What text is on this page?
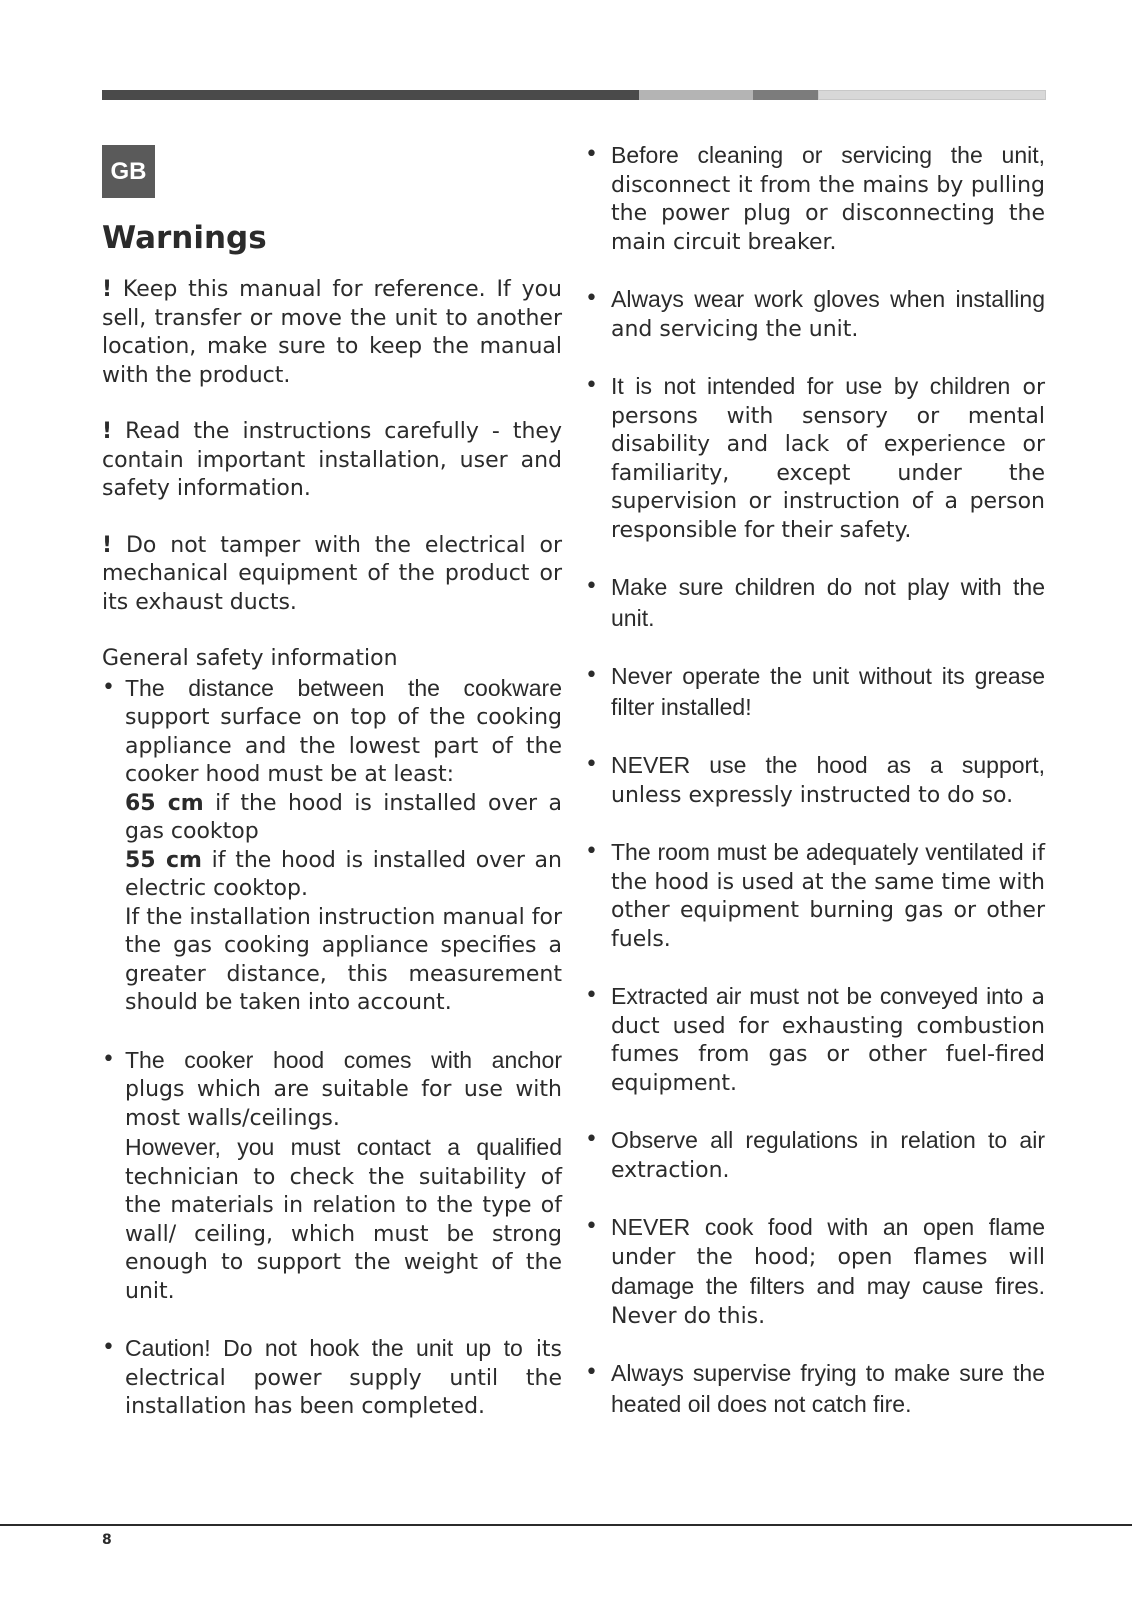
GB
Warnings

! Keep this manual for reference. If you sell, transfer or move the unit to another location, make sure to keep the manual with the product.

! Read the instructions carefully - they contain important installation, user and safety information.

! Do not tamper with the electrical or mechanical equipment of the product or its exhaust ducts.

General safety information

• The distance between the cookware support surface on top of the cooking appliance and the lowest part of the cooker hood must be at least:
65 cm if the hood is installed over a gas cooktop
55 cm if the hood is installed over an electric cooktop.
If the installation instruction manual for the gas cooking appliance specifies a greater distance, this measurement should be taken into account.
• The cooker hood comes with anchor plugs which are suitable for use with most walls/ceilings.
However, you must contact a qualified technician to check the suitability of the materials in relation to the type of wall/ ceiling, which must be strong enough to support the weight of the unit.
• Caution! Do not hook the unit up to its electrical power supply until the installation has been completed.
• Before cleaning or servicing the unit, disconnect it from the mains by pulling the power plug or disconnecting the main circuit breaker.
• Always wear work gloves when installing and servicing the unit.
• It is not intended for use by children or persons with sensory or mental disability and lack of experience or familiarity, except under the supervision or instruction of a person responsible for their safety.
• Make sure children do not play with the unit.
• Never operate the unit without its grease filter installed!
• NEVER use the hood as a support, unless expressly instructed to do so.
• The room must be adequately ventilated if the hood is used at the same time with other equipment burning gas or other fuels.
• Extracted air must not be conveyed into a duct used for exhausting combustion fumes from gas or other fuel-fired equipment.
• Observe all regulations in relation to air extraction.
• NEVER cook food with an open flame under the hood; open flames will damage the filters and may cause fires. Never do this.
• Always supervise frying to make sure the heated oil does not catch fire.
8
